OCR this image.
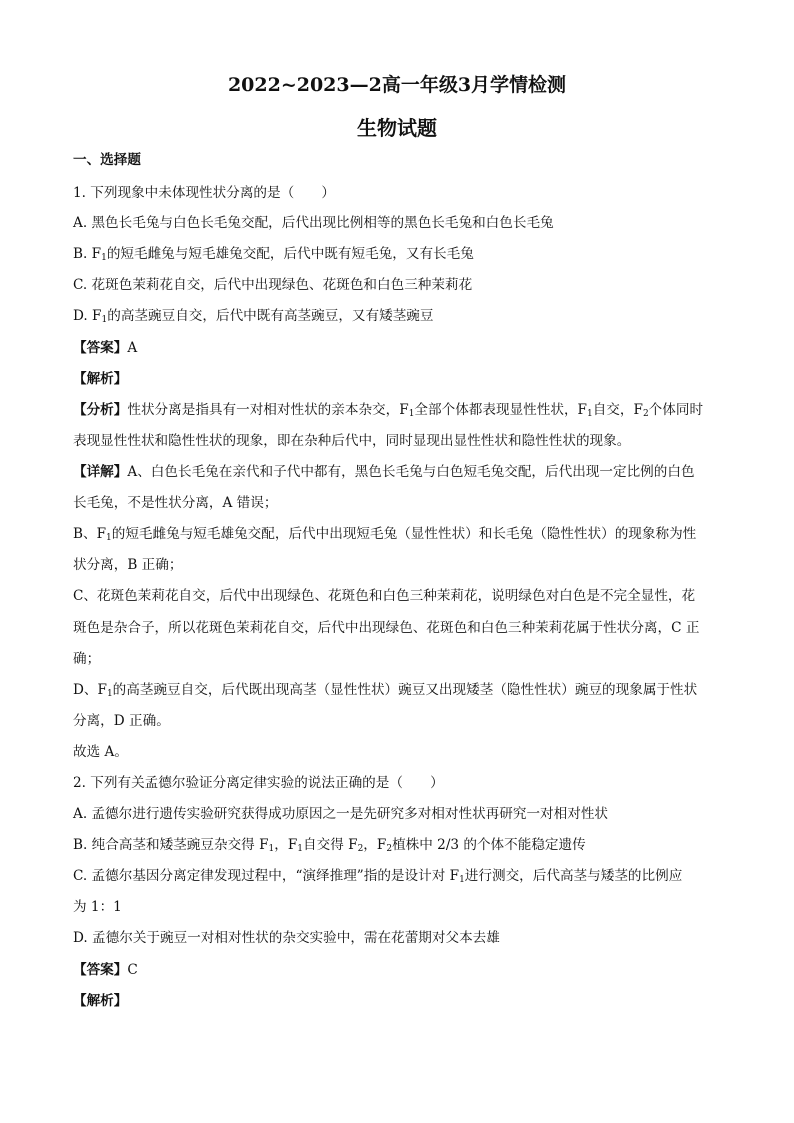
2022~2023—2高一年级3月学情检测
生物试题
一、选择题
1. 下列现象中未体现性状分离的是（　　）
A. 黑色长毛兔与白色长毛兔交配，后代出现比例相等的黑色长毛兔和白色长毛兔
B. $F_1$的短毛雌兔与短毛雄兔交配，后代中既有短毛兔，又有长毛兔
C. 花斑色茉莉花自交，后代中出现绿色、花斑色和白色三种茉莉花
D. $F_1$的高茎豌豆自交，后代中既有高茎豌豆，又有矮茎豌豆
【答案】A
【解析】
【分析】性状分离是指具有一对相对性状的亲本杂交，$F_1$全部个体都表现显性性状，$F_1$自交，$F_2$个体同时
表现显性性状和隐性性状的现象，即在杂种后代中，同时显现出显性性状和隐性性状的现象。
【详解】A、白色长毛兔在亲代和子代中都有，黑色长毛兔与白色短毛兔交配，后代出现一定比例的白色
长毛兔，不是性状分离，A 错误；
B、$F_1$的短毛雌兔与短毛雄兔交配，后代中出现短毛兔（显性性状）和长毛兔（隐性性状）的现象称为性
状分离，B 正确；
C、花斑色茉莉花自交，后代中出现绿色、花斑色和白色三种茉莉花，说明绿色对白色是不完全显性，花
斑色是杂合子，所以花斑色茉莉花自交，后代中出现绿色、花斑色和白色三种茉莉花属于性状分离，C 正
确；
D、$F_1$的高茎豌豆自交，后代既出现高茎（显性性状）豌豆又出现矮茎（隐性性状）豌豆的现象属于性状
分离，D 正确。
故选 A。
2. 下列有关孟德尔验证分离定律实验的说法正确的是（　　）
A. 孟德尔进行遗传实验研究获得成功原因之一是先研究多对相对性状再研究一对相对性状
B. 纯合高茎和矮茎豌豆杂交得 $F_1$，$F_1$自交得 $F_2$，$F_2$植株中 2/3 的个体不能稳定遗传
C. 孟德尔基因分离定律发现过程中，“演绎推理”指的是设计对 $F_1$进行测交，后代高茎与矮茎的比例应
为 1：1
D. 孟德尔关于豌豆一对相对性状的杂交实验中，需在花蕾期对父本去雄
【答案】C
【解析】
